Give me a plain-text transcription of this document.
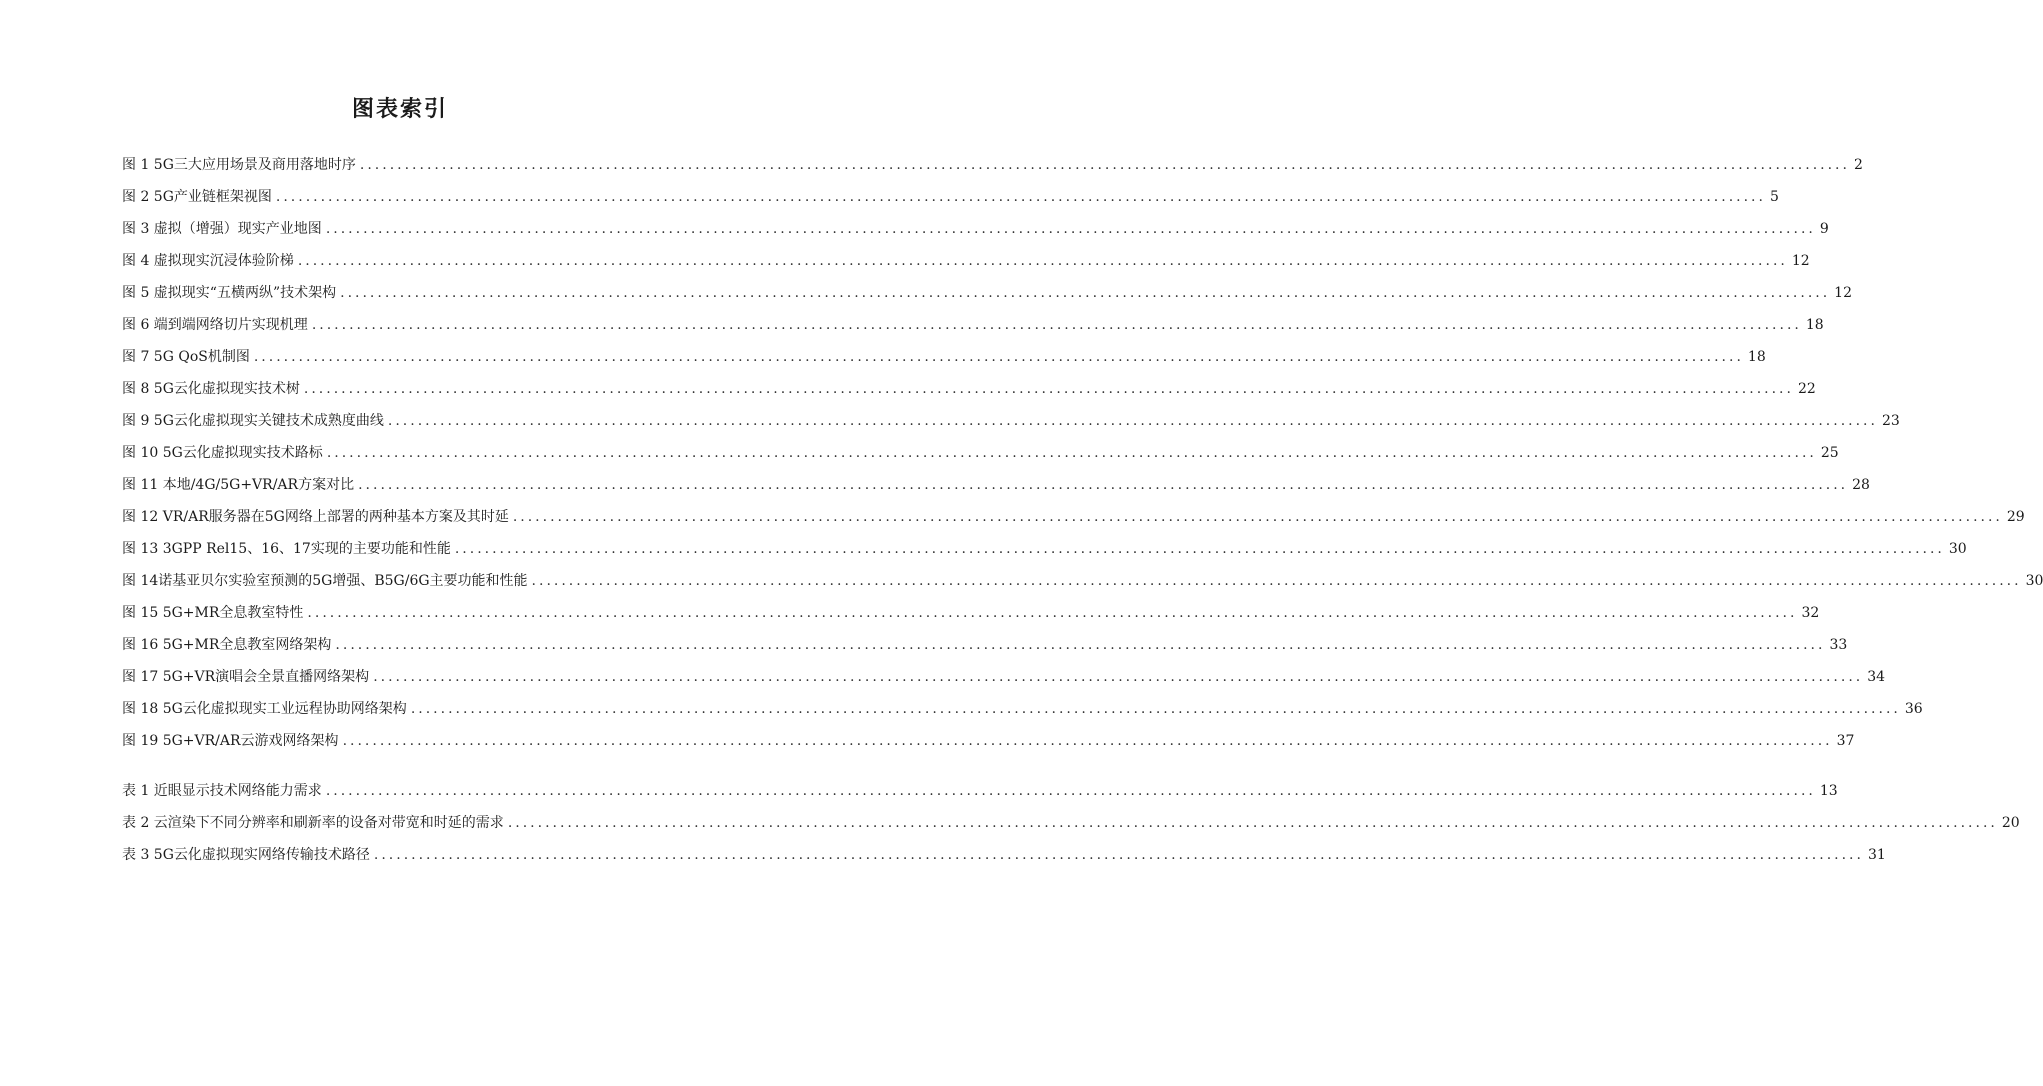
图表索引
图 1 5G三大应用场景及商用落地时序 ........................................................................................................................................................................................................ 2
图 2 5G产业链框架视图 ........................................................................................................................................................................................................ 5
图 3 虚拟（增强）现实产业地图 ........................................................................................................................................................................................................ 9
图 4 虚拟现实沉浸体验阶梯 ........................................................................................................................................................................................................ 12
图 5 虚拟现实“五横两纵”技术架构 ........................................................................................................................................................................................................ 12
图 6 端到端网络切片实现机理 ........................................................................................................................................................................................................ 18
图 7 5G QoS机制图 ........................................................................................................................................................................................................ 18
图 8 5G云化虚拟现实技术树 ........................................................................................................................................................................................................ 22
图 9 5G云化虚拟现实关键技术成熟度曲线 ........................................................................................................................................................................................................ 23
图 10 5G云化虚拟现实技术路标 ........................................................................................................................................................................................................ 25
图 11 本地/4G/5G+VR/AR方案对比 ........................................................................................................................................................................................................ 28
图 12 VR/AR服务器在5G网络上部署的两种基本方案及其时延 ........................................................................................................................................................................................................ 29
图 13 3GPP Rel15、16、17实现的主要功能和性能 ........................................................................................................................................................................................................ 30
图 14诺基亚贝尔实验室预测的5G增强、B5G/6G主要功能和性能 ........................................................................................................................................................................................................ 30
图 15 5G+MR全息教室特性 ........................................................................................................................................................................................................ 32
图 16 5G+MR全息教室网络架构 ........................................................................................................................................................................................................ 33
图 17 5G+VR演唱会全景直播网络架构 ........................................................................................................................................................................................................ 34
图 18 5G云化虚拟现实工业远程协助网络架构 ........................................................................................................................................................................................................ 36
图 19 5G+VR/AR云游戏网络架构 ........................................................................................................................................................................................................ 37
表 1 近眼显示技术网络能力需求 ........................................................................................................................................................................................................ 13
表 2 云渲染下不同分辨率和刷新率的设备对带宽和时延的需求 ........................................................................................................................................................................................................ 20
表 3 5G云化虚拟现实网络传输技术路径 ........................................................................................................................................................................................................ 31
